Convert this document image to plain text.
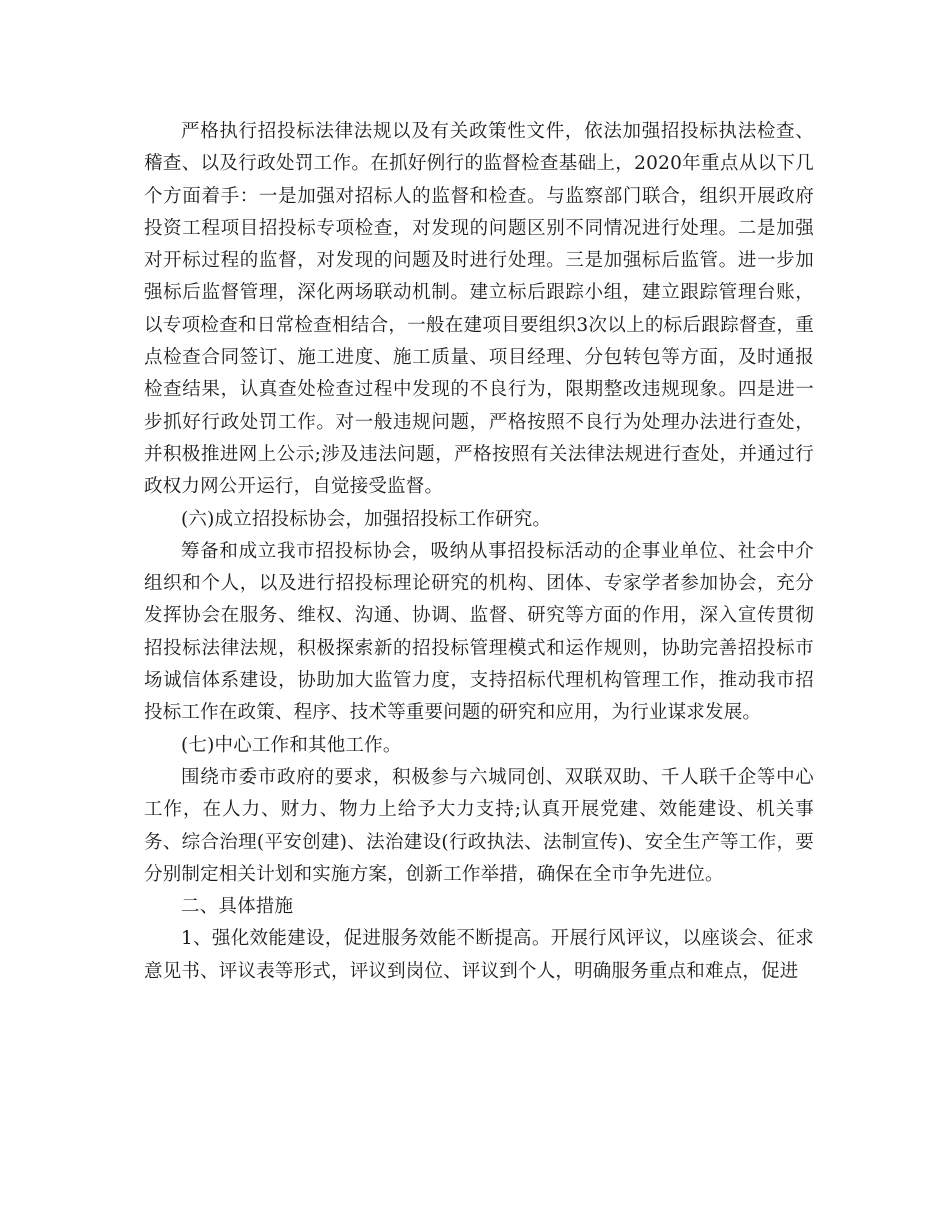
严格执行招投标法律法规以及有关政策性文件，依法加强招投标执法检查、稽查、以及行政处罚工作。在抓好例行的监督检查基础上，2020年重点从以下几个方面着手：一是加强对招标人的监督和检查。与监察部门联合，组织开展政府投资工程项目招投标专项检查，对发现的问题区别不同情况进行处理。二是加强对开标过程的监督，对发现的问题及时进行处理。三是加强标后监管。进一步加强标后监督管理，深化两场联动机制。建立标后跟踪小组，建立跟踪管理台账，以专项检查和日常检查相结合，一般在建项目要组织3次以上的标后跟踪督查，重点检查合同签订、施工进度、施工质量、项目经理、分包转包等方面，及时通报检查结果，认真查处检查过程中发现的不良行为，限期整改违规现象。四是进一步抓好行政处罚工作。对一般违规问题，严格按照不良行为处理办法进行查处，并积极推进网上公示;涉及违法问题，严格按照有关法律法规进行查处，并通过行政权力网公开运行，自觉接受监督。

(六)成立招投标协会，加强招投标工作研究。

筹备和成立我市招投标协会，吸纳从事招投标活动的企事业单位、社会中介组织和个人，以及进行招投标理论研究的机构、团体、专家学者参加协会，充分发挥协会在服务、维权、沟通、协调、监督、研究等方面的作用，深入宣传贯彻招投标法律法规，积极探索新的招投标管理模式和运作规则，协助完善招投标市场诚信体系建设，协助加大监管力度，支持招标代理机构管理工作，推动我市招投标工作在政策、程序、技术等重要问题的研究和应用，为行业谋求发展。

(七)中心工作和其他工作。

围绕市委市政府的要求，积极参与六城同创、双联双助、千人联千企等中心工作，在人力、财力、物力上给予大力支持;认真开展党建、效能建设、机关事务、综合治理(平安创建)、法治建设(行政执法、法制宣传)、安全生产等工作，要分别制定相关计划和实施方案，创新工作举措，确保在全市争先进位。

二、具体措施

1、强化效能建设，促进服务效能不断提高。开展行风评议，以座谈会、征求意见书、评议表等形式，评议到岗位、评议到个人，明确服务重点和难点，促进
